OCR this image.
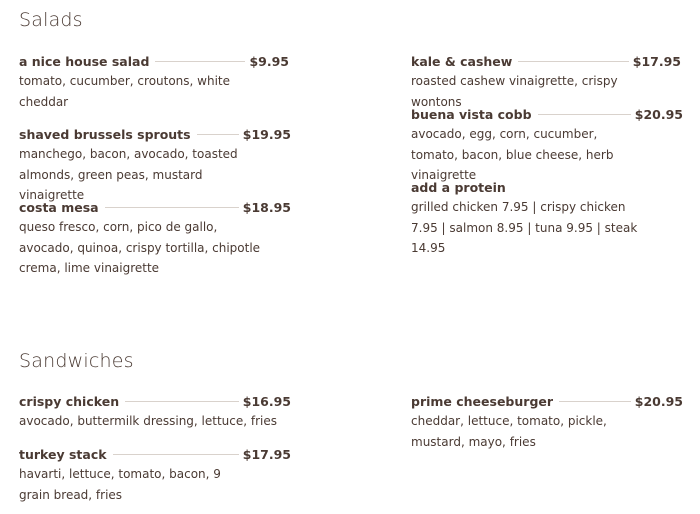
Salads
a nice house salad	$9.95
tomato, cucumber, croutons, white cheddar
shaved brussels sprouts	$19.95
manchego, bacon, avocado, toasted almonds, green peas, mustard vinaigrette
costa mesa	$18.95
queso fresco, corn, pico de gallo, avocado, quinoa, crispy tortilla, chipotle crema, lime vinaigrette
kale & cashew	$17.95
roasted cashew vinaigrette, crispy wontons
buena vista cobb	$20.95
avocado, egg, corn, cucumber, tomato, bacon, blue cheese, herb vinaigrette
add a protein
grilled chicken 7.95 | crispy chicken 7.95 | salmon 8.95 | tuna 9.95 | steak 14.95
Sandwiches
crispy chicken	$16.95
avocado, buttermilk dressing, lettuce, fries
turkey stack	$17.95
havarti, lettuce, tomato, bacon, 9 grain bread, fries
prime cheeseburger	$20.95
cheddar, lettuce, tomato, pickle, mustard, mayo, fries
